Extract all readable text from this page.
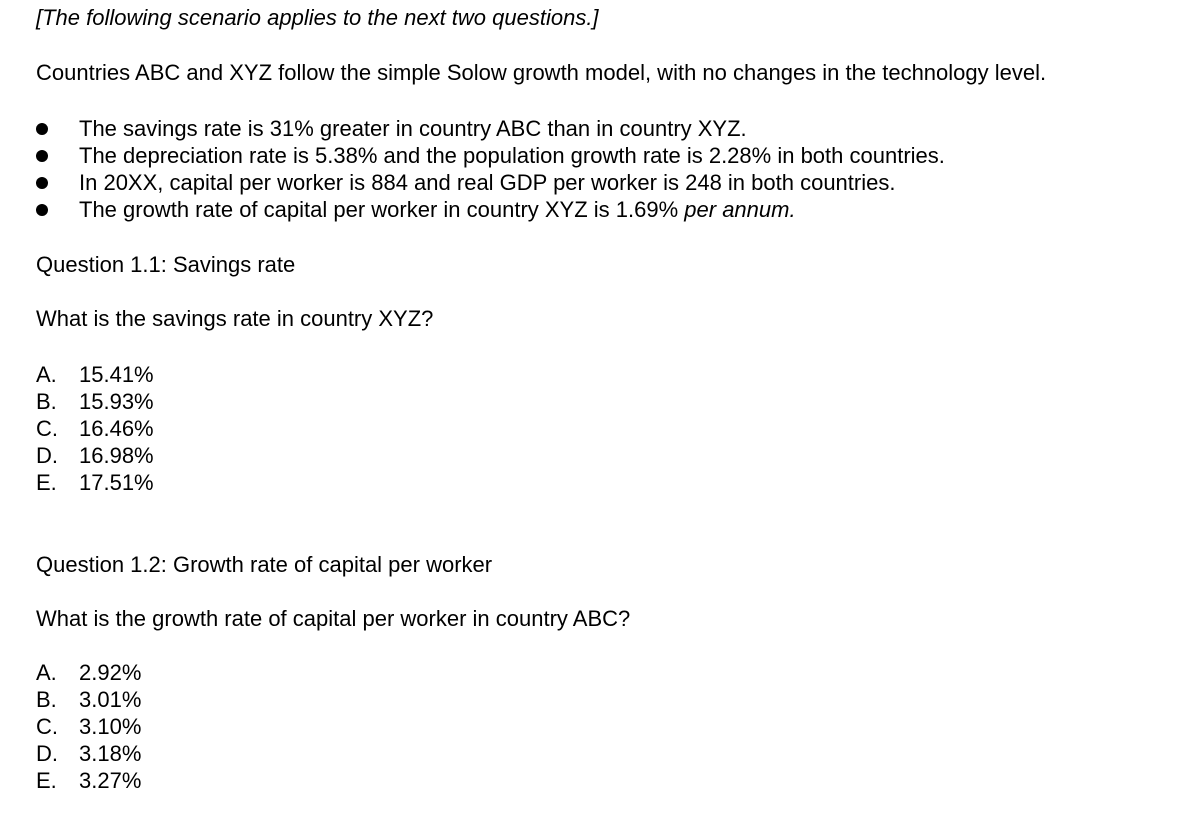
[The following scenario applies to the next two questions.]
Countries ABC and XYZ follow the simple Solow growth model, with no changes in the technology level.
The savings rate is 31% greater in country ABC than in country XYZ.
The depreciation rate is 5.38% and the population growth rate is 2.28% in both countries.
In 20XX, capital per worker is 884 and real GDP per worker is 248 in both countries.
The growth rate of capital per worker in country XYZ is 1.69% per annum.
Question 1.1: Savings rate
What is the savings rate in country XYZ?
A. 15.41%
B. 15.93%
C. 16.46%
D. 16.98%
E. 17.51%
Question 1.2: Growth rate of capital per worker
What is the growth rate of capital per worker in country ABC?
A. 2.92%
B. 3.01%
C. 3.10%
D. 3.18%
E. 3.27%
